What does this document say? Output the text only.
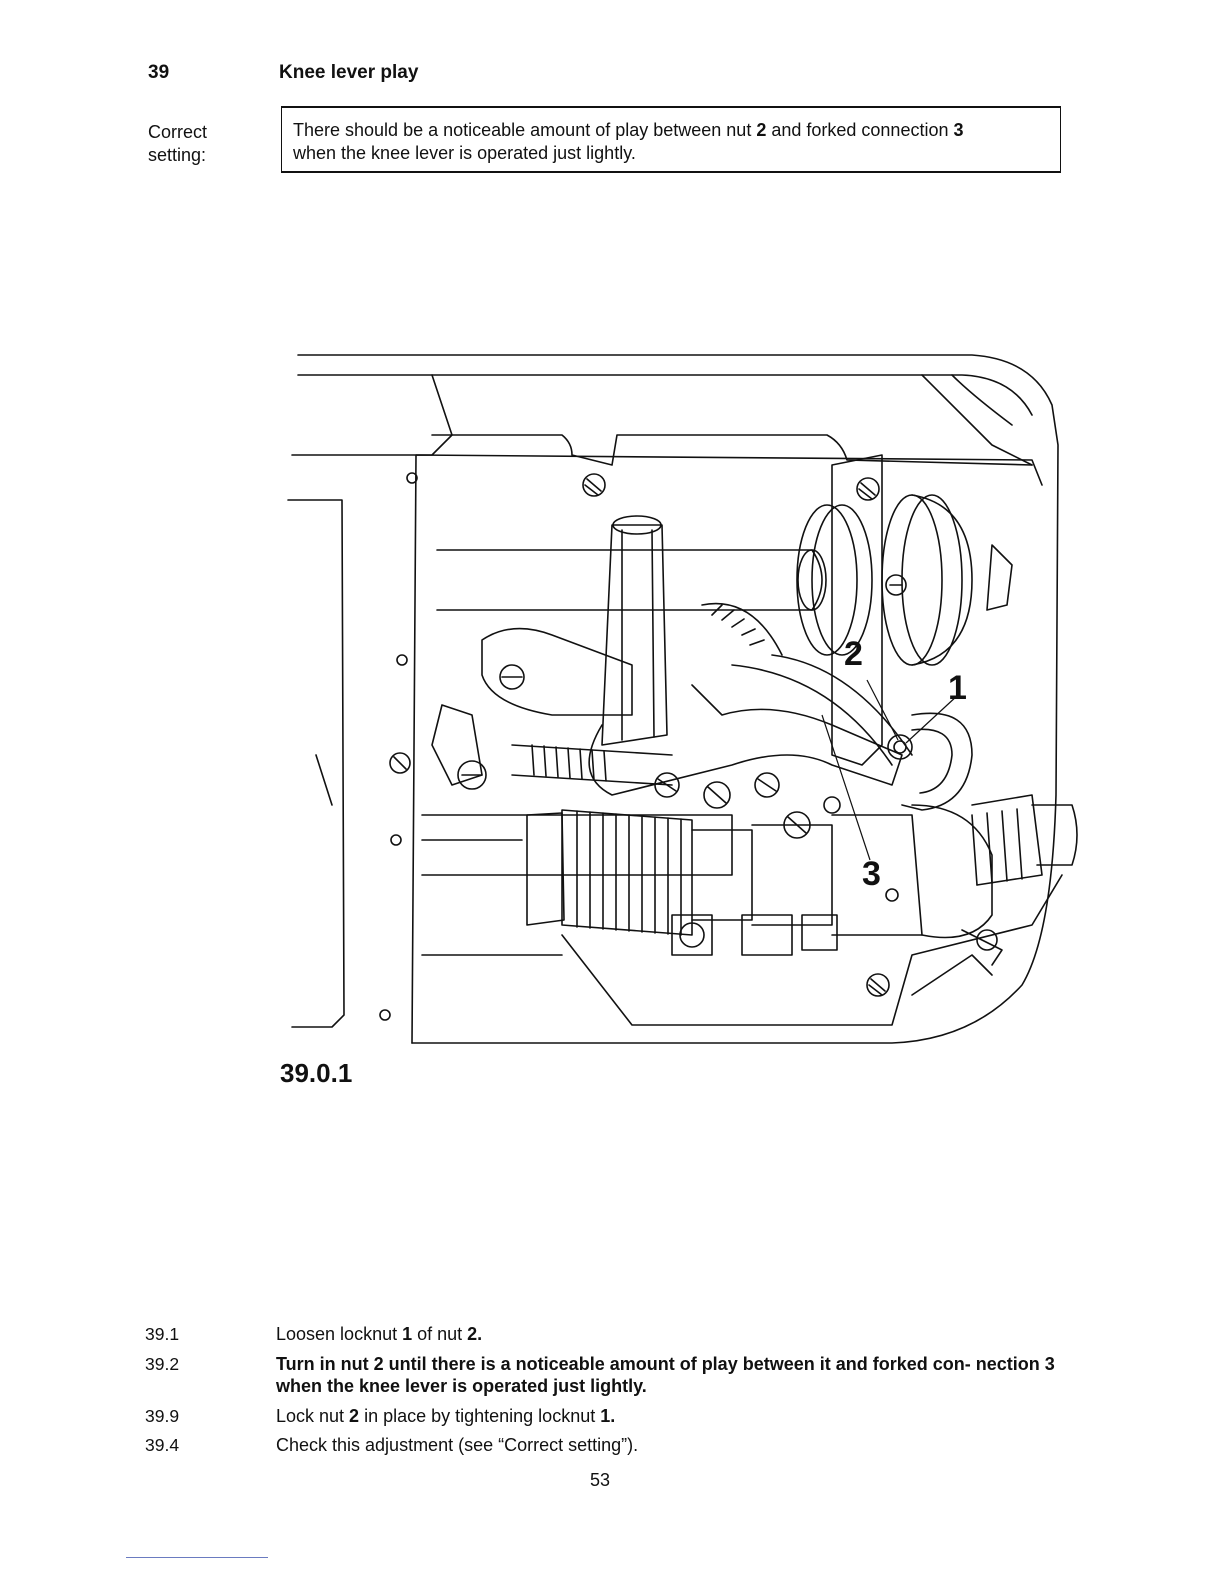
39	Knee lever play
Correct setting:
There should be a noticeable amount of play between nut 2 and forked connection 3
when the knee lever is operated just lightly.
2
1
3
39.0.1
39.1	Loosen locknut 1 of nut 2.
39.2	Turn in nut 2 until there is a noticeable amount of play between it and forked con- nection 3 when the knee lever is operated just lightly.
39.9	Lock nut 2 in place by tightening locknut 1.
39.4	Check this adjustment (see “Correct setting”).
53
